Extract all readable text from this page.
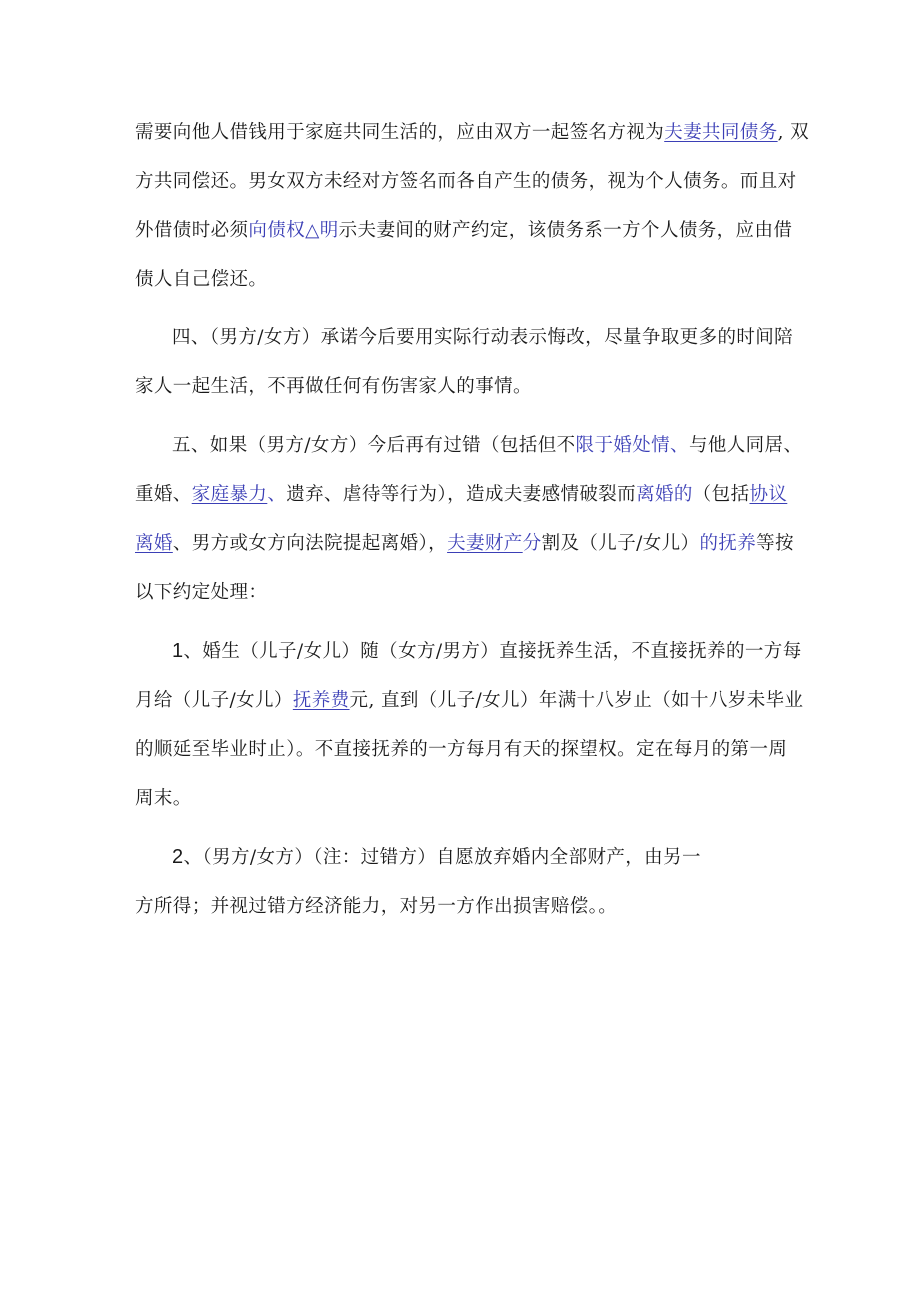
需要向他人借钱用于家庭共同生活的，应由双方一起签名方视为夫妻共同债务, 双
方共同偿还。男女双方未经对方签名而各自产生的债务，视为个人债务。而且对
外借债时必须向债权△明示夫妻间的财产约定，该债务系一方个人债务，应由借
债人自己偿还。

四、（男方/女方）承诺今后要用实际行动表示悔改，尽量争取更多的时间陪
家人一起生活，不再做任何有伤害家人的事情。

五、如果（男方/女方）今后再有过错（包括但不限于婚处情、与他人同居、
重婚、家庭暴力、遗弃、虐待等行为），造成夫妻感情破裂而离婚的（包括协议
离婚、男方或女方向法院提起离婚），夫妻财产分割及（儿子/女儿）的抚养等按
以下约定处理：

1、婚生（儿子/女儿）随（女方/男方）直接抚养生活，不直接抚养的一方每
月给（儿子/女儿）抚养费元, 直到（儿子/女儿）年满十八岁止（如十八岁未毕业
的顺延至毕业时止）。不直接抚养的一方每月有天的探望权。定在每月的第一周
周末。

2、（男方/女方）（注：过错方）自愿放弃婚内全部财产，由另一
方所得；并视过错方经济能力，对另一方作出损害赔偿。。
